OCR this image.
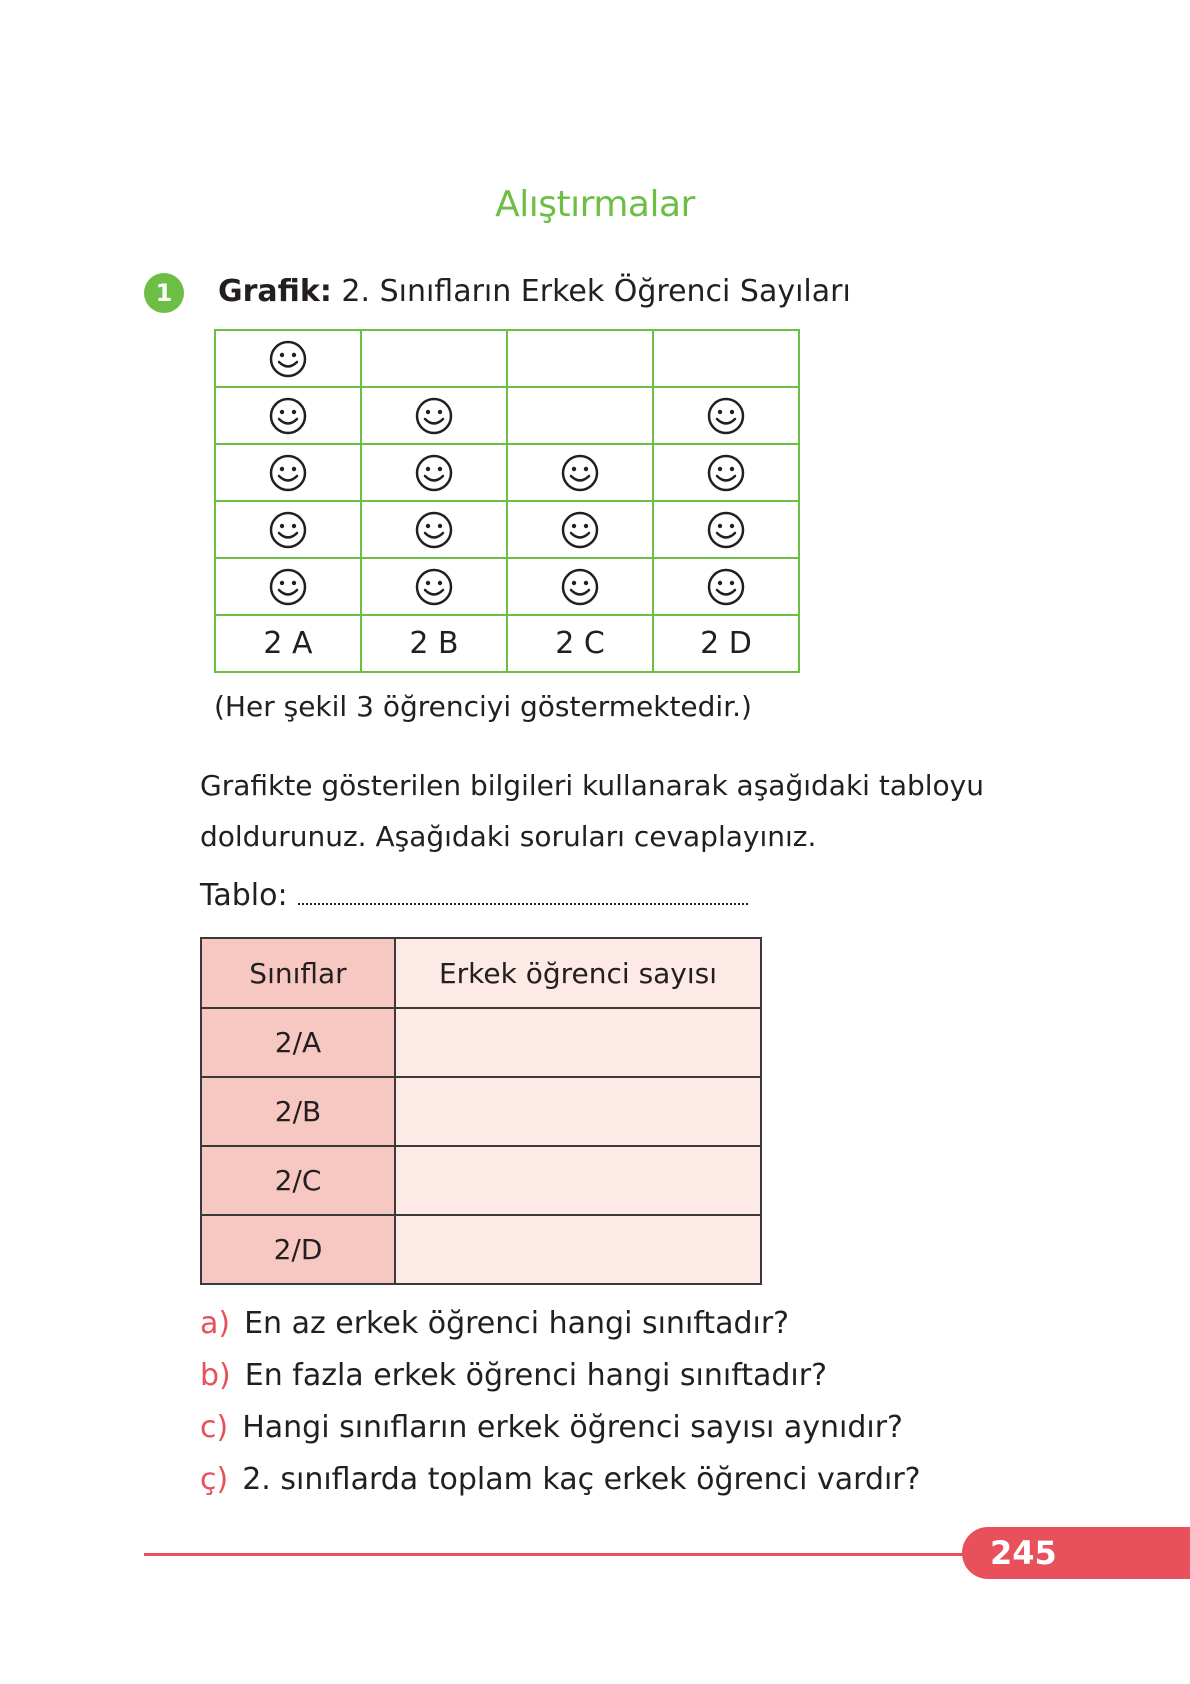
Alıştırmalar
1	Grafik: 2. Sınıfların Erkek Öğrenci Sayıları

2 A	2 B	2 C	2 D
(Her şekil 3 öğrenciyi göstermektedir.)
Grafikte gösterilen bilgileri kullanarak aşağıdaki tabloyu doldurunuz. Aşağıdaki soruları cevaplayınız.
Tablo:
Sınıflar	Erkek öğrenci sayısı
2/A	
2/B	
2/C	
2/D	
a) En az erkek öğrenci hangi sınıftadır?
b) En fazla erkek öğrenci hangi sınıftadır?
c) Hangi sınıfların erkek öğrenci sayısı aynıdır?
ç) 2. sınıflarda toplam kaç erkek öğrenci vardır?
245
